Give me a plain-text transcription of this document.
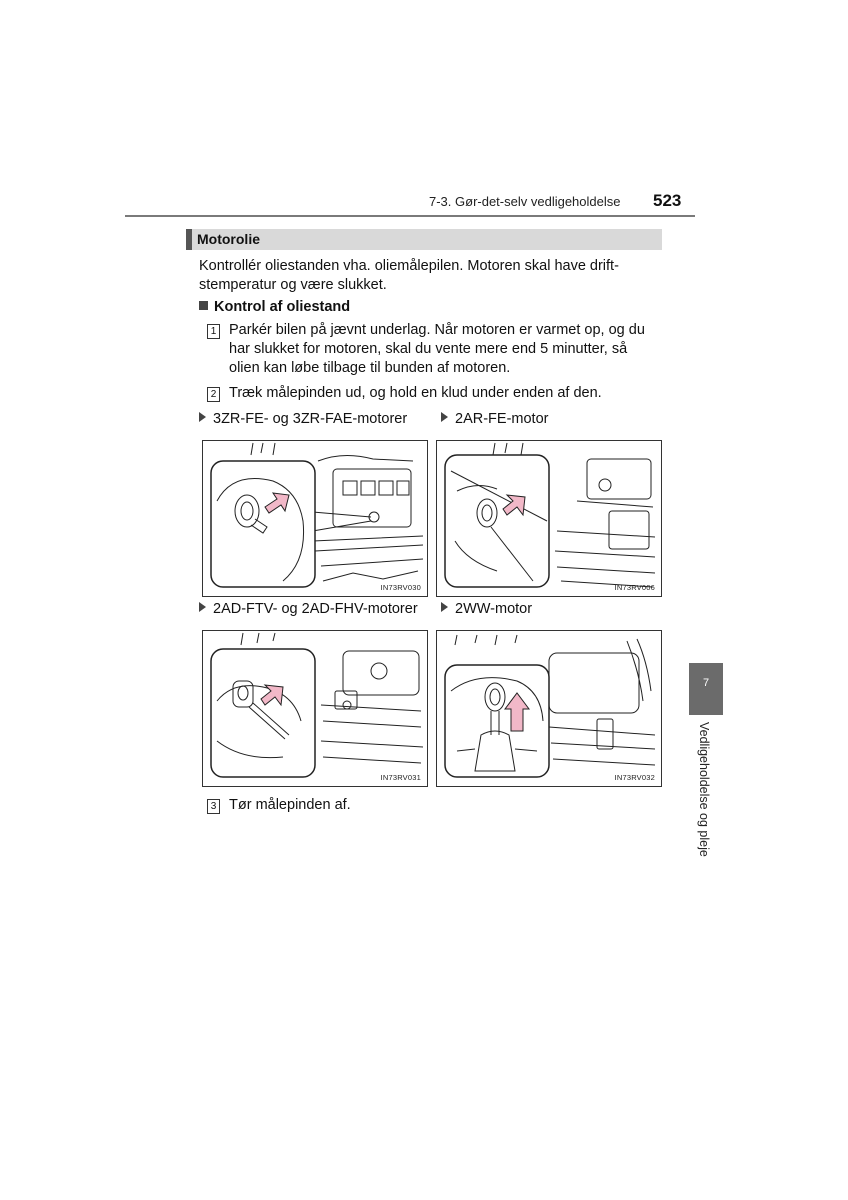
7-3. Gør-det-selv vedligeholdelse 523
Motorolie
Kontrollér oliestanden vha. oliemålepilen. Motoren skal have drift-
stemperatur og være slukket.
Kontrol af oliestand
1 Parkér bilen på jævnt underlag. Når motoren er varmet op, og du
har slukket for motoren, skal du vente mere end 5 minutter, så
olien kan løbe tilbage til bunden af motoren.
2 Træk målepinden ud, og hold en klud under enden af den.
3ZR-FE- og 3ZR-FAE-motorer	2AR-FE-motor
IN73RV030	IN73RV006
2AD-FTV- og 2AD-FHV-motorer	2WW-motor
IN73RV031	IN73RV032
3 Tør målepinden af.
7
Vedligeholdelse og pleje
